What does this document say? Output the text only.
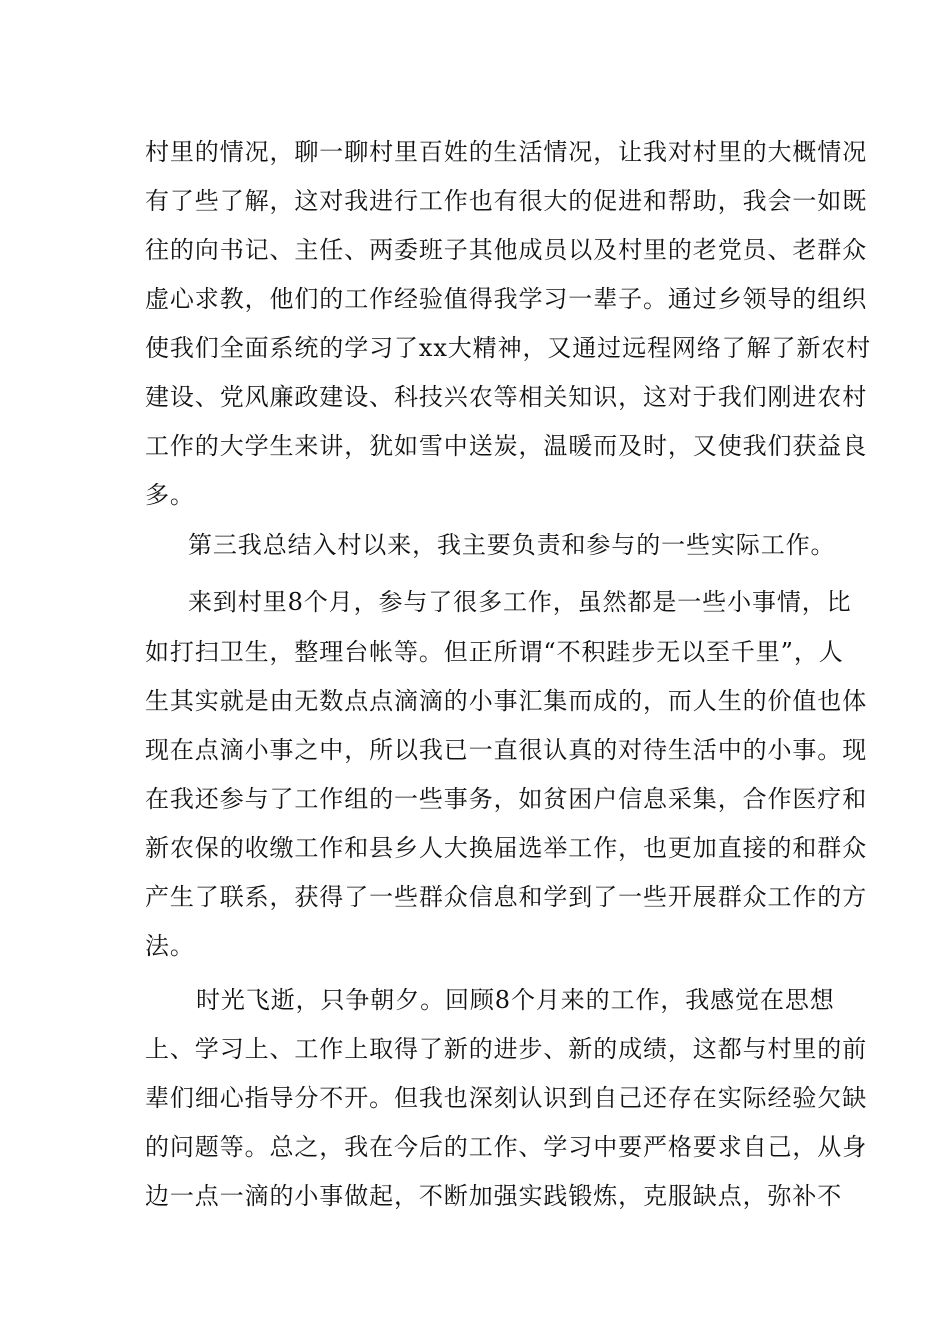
村里的情况，聊一聊村里百姓的生活情况，让我对村里的大概情况
有了些了解，这对我进行工作也有很大的促进和帮助，我会一如既
往的向书记、主任、两委班子其他成员以及村里的老党员、老群众
虚心求教，他们的工作经验值得我学习一辈子。通过乡领导的组织
使我们全面系统的学习了xx大精神，又通过远程网络了解了新农村
建设、党风廉政建设、科技兴农等相关知识，这对于我们刚进农村
工作的大学生来讲，犹如雪中送炭，温暖而及时，又使我们获益良
多。
第三我总结入村以来，我主要负责和参与的一些实际工作。
来到村里8个月，参与了很多工作，虽然都是一些小事情，比
如打扫卫生，整理台帐等。但正所谓“不积跬步无以至千里”，人
生其实就是由无数点点滴滴的小事汇集而成的，而人生的价值也体
现在点滴小事之中，所以我已一直很认真的对待生活中的小事。现
在我还参与了工作组的一些事务，如贫困户信息采集，合作医疗和
新农保的收缴工作和县乡人大换届选举工作，也更加直接的和群众
产生了联系，获得了一些群众信息和学到了一些开展群众工作的方
法。
时光飞逝，只争朝夕。回顾8个月来的工作，我感觉在思想
上、学习上、工作上取得了新的进步、新的成绩，这都与村里的前
辈们细心指导分不开。但我也深刻认识到自己还存在实际经验欠缺
的问题等。总之，我在今后的工作、学习中要严格要求自己，从身
边一点一滴的小事做起，不断加强实践锻炼，克服缺点，弥补不
